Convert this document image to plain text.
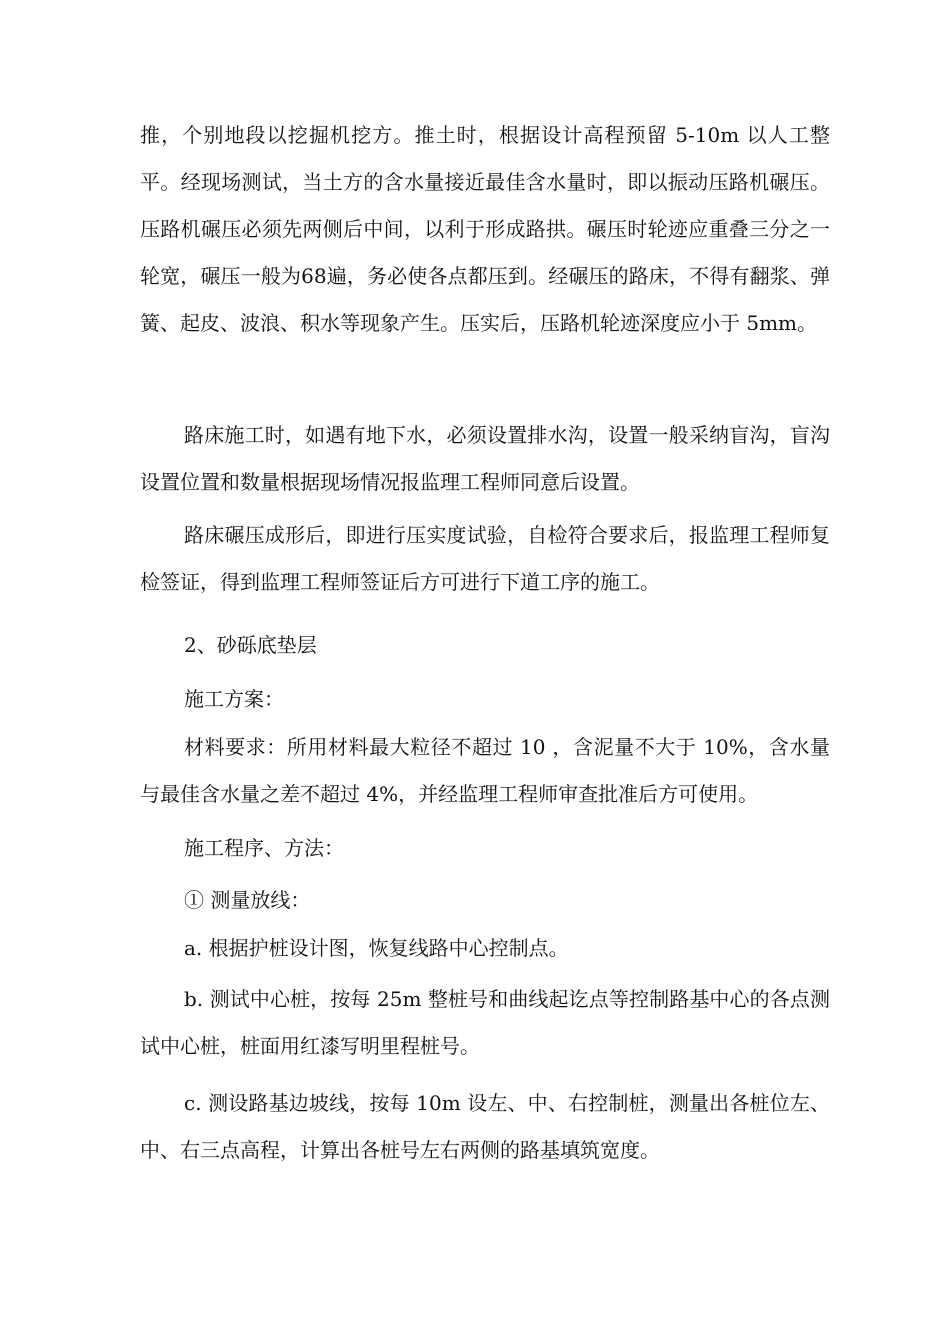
推，个别地段以挖掘机挖方。推土时，根据设计高程预留 5-10m 以人工整平。经现场测试，当土方的含水量接近最佳含水量时，即以振动压路机碾压。压路机碾压必须先两侧后中间，以利于形成路拱。碾压时轮迹应重叠三分之一轮宽，碾压一般为68遍，务必使各点都压到。经碾压的路床，不得有翻浆、弹簧、起皮、波浪、积水等现象产生。压实后，压路机轮迹深度应小于 5mm。

路床施工时，如遇有地下水，必须设置排水沟，设置一般采纳盲沟，盲沟设置位置和数量根据现场情况报监理工程师同意后设置。

路床碾压成形后，即进行压实度试验，自检符合要求后，报监理工程师复检签证，得到监理工程师签证后方可进行下道工序的施工。

2、砂砾底垫层

施工方案：

材料要求：所用材料最大粒径不超过 10 ，含泥量不大于 10%，含水量与最佳含水量之差不超过 4%，并经监理工程师审查批准后方可使用。

施工程序、方法：

① 测量放线：

a. 根据护桩设计图，恢复线路中心控制点。

b. 测试中心桩，按每 25m 整桩号和曲线起讫点等控制路基中心的各点测试中心桩，桩面用红漆写明里程桩号。

c. 测设路基边坡线，按每 10m 设左、中、右控制桩，测量出各桩位左、中、右三点高程，计算出各桩号左右两侧的路基填筑宽度。
